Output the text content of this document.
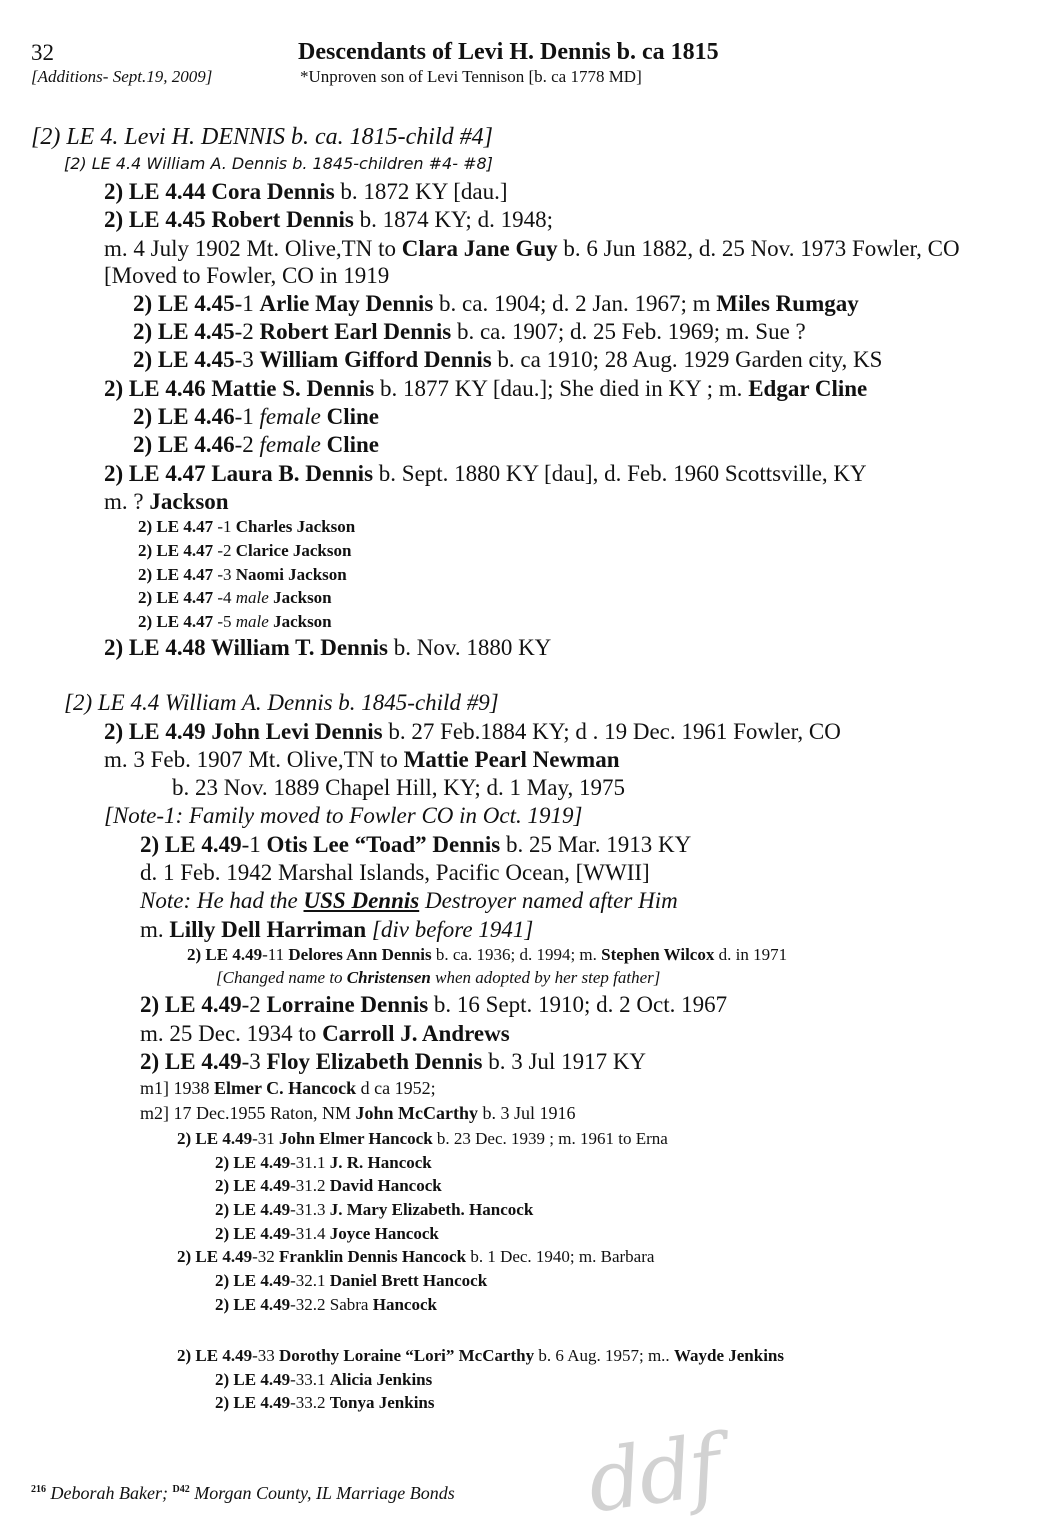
32
[Additions- Sept.19, 2009]
Descendants of Levi H. Dennis b. ca 1815
*Unproven son of Levi Tennison [b. ca 1778 MD]
[2) LE 4. Levi H. DENNIS b. ca. 1815-child #4]
[2) LE 4.4 William A. Dennis b. 1845-children #4- #8]
2) LE 4.44 Cora Dennis b. 1872 KY [dau.]
2) LE 4.45 Robert Dennis b. 1874 KY; d. 1948;
m. 4 July 1902 Mt. Olive,TN to Clara Jane Guy b. 6 Jun 1882, d. 25 Nov. 1973 Fowler, CO
[Moved to Fowler, CO in 1919
2) LE 4.45-1 Arlie May Dennis b. ca. 1904; d. 2 Jan. 1967; m Miles Rumgay
2) LE 4.45-2 Robert Earl Dennis b. ca. 1907; d. 25 Feb. 1969; m. Sue ?
2) LE 4.45-3 William Gifford Dennis b. ca 1910; 28 Aug. 1929 Garden city, KS
2) LE 4.46 Mattie S. Dennis b. 1877 KY [dau.]; She died in KY ; m. Edgar Cline
2) LE 4.46-1 female Cline
2) LE 4.46-2 female Cline
2) LE 4.47 Laura B. Dennis b. Sept. 1880 KY [dau], d. Feb. 1960 Scottsville, KY
m. ? Jackson
2) LE 4.47 -1 Charles Jackson
2) LE 4.47 -2 Clarice Jackson
2) LE 4.47 -3 Naomi Jackson
2) LE 4.47 -4 male Jackson
2) LE 4.47 -5 male Jackson
2) LE 4.48 William T. Dennis b. Nov. 1880 KY
[2) LE 4.4 William A. Dennis b. 1845-child #9]
2) LE 4.49 John Levi Dennis b. 27 Feb.1884 KY; d . 19 Dec. 1961 Fowler, CO
m. 3 Feb. 1907 Mt. Olive,TN to Mattie Pearl Newman
b. 23 Nov. 1889 Chapel Hill, KY; d. 1 May, 1975
[Note-1: Family moved to Fowler CO in Oct. 1919]
2) LE 4.49-1 Otis Lee “Toad” Dennis b. 25 Mar. 1913 KY
d. 1 Feb. 1942 Marshal Islands, Pacific Ocean, [WWII]
Note: He had the USS Dennis Destroyer named after Him
m. Lilly Dell Harriman [div before 1941]
2) LE 4.49-11 Delores Ann Dennis b. ca. 1936; d. 1994; m. Stephen Wilcox d. in 1971
[Changed name to Christensen when adopted by her step father]
2) LE 4.49-2 Lorraine Dennis b. 16 Sept. 1910; d. 2 Oct. 1967
m. 25 Dec. 1934 to Carroll J. Andrews
2) LE 4.49-3 Floy Elizabeth Dennis b. 3 Jul 1917 KY
m1] 1938 Elmer C. Hancock d ca 1952;
m2] 17 Dec.1955 Raton, NM John McCarthy b. 3 Jul 1916
2) LE 4.49-31 John Elmer Hancock b. 23 Dec. 1939 ; m. 1961 to Erna
2) LE 4.49-31.1 J. R. Hancock
2) LE 4.49-31.2 David Hancock
2) LE 4.49-31.3 J. Mary Elizabeth. Hancock
2) LE 4.49-31.4 Joyce Hancock
2) LE 4.49-32 Franklin Dennis Hancock b. 1 Dec. 1940; m. Barbara
2) LE 4.49-32.1 Daniel Brett Hancock
2) LE 4.49-32.2 Sabra Hancock
2) LE 4.49-33 Dorothy Loraine “Lori” McCarthy b. 6 Aug. 1957; m.. Wayde Jenkins
2) LE 4.49-33.1 Alicia Jenkins
2) LE 4.49-33.2 Tonya Jenkins
$^{216}$ Deborah Baker; $^{D42}$ Morgan County, IL Marriage Bonds ddf
